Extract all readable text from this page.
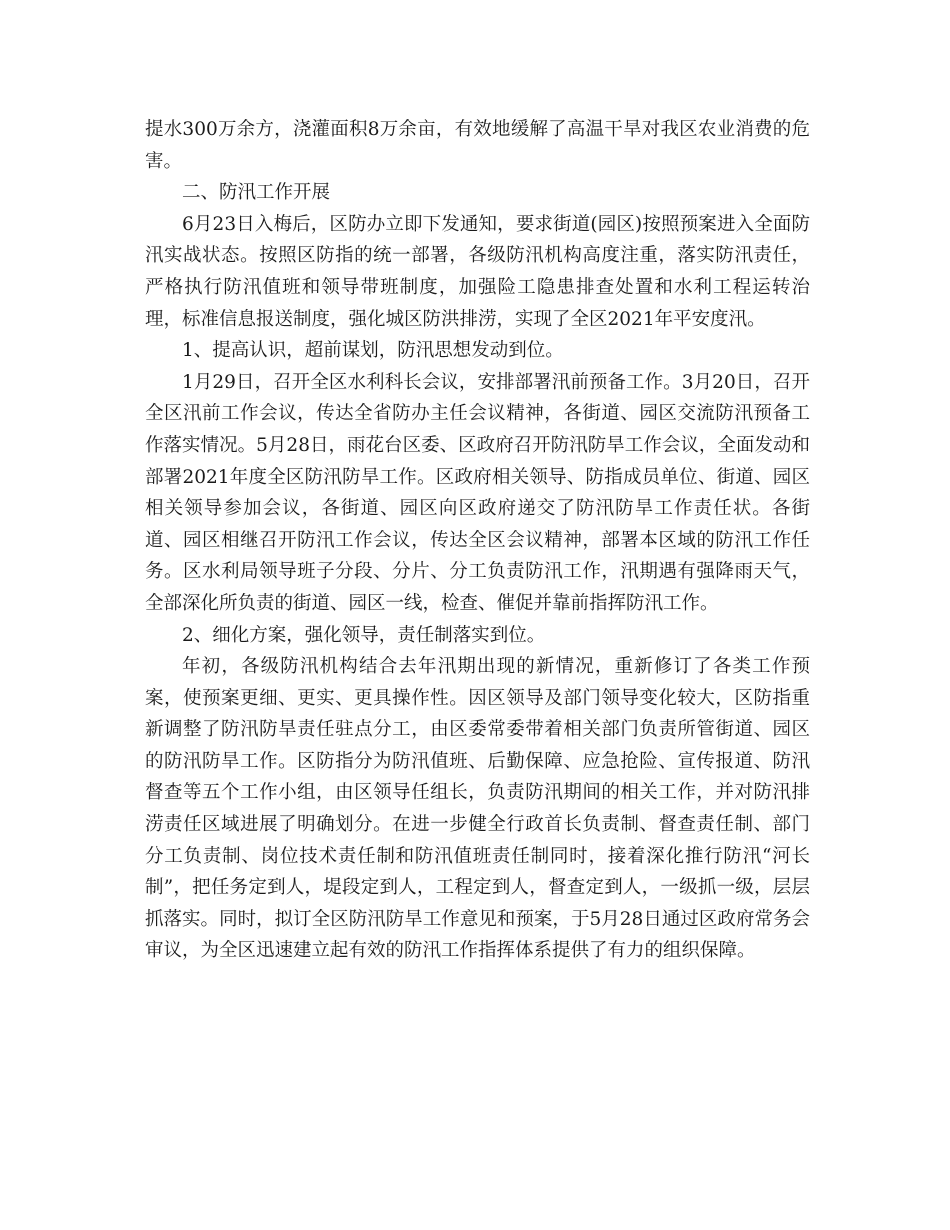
提水300万余方，浇灌面积8万余亩，有效地缓解了高温干旱对我区农业消费的危害。

二、防汛工作开展

6月23日入梅后，区防办立即下发通知，要求街道(园区)按照预案进入全面防汛实战状态。按照区防指的统一部署，各级防汛机构高度注重，落实防汛责任，严格执行防汛值班和领导带班制度，加强险工隐患排查处置和水利工程运转治理，标准信息报送制度，强化城区防洪排涝，实现了全区2021年平安度汛。

1、提高认识，超前谋划，防汛思想发动到位。

1月29日，召开全区水利科长会议，安排部署汛前预备工作。3月20日，召开全区汛前工作会议，传达全省防办主任会议精神，各街道、园区交流防汛预备工作落实情况。5月28日，雨花台区委、区政府召开防汛防旱工作会议，全面发动和部署2021年度全区防汛防旱工作。区政府相关领导、防指成员单位、街道、园区相关领导参加会议，各街道、园区向区政府递交了防汛防旱工作责任状。各街道、园区相继召开防汛工作会议，传达全区会议精神，部署本区域的防汛工作任务。区水利局领导班子分段、分片、分工负责防汛工作，汛期遇有强降雨天气，全部深化所负责的街道、园区一线，检查、催促并靠前指挥防汛工作。

2、细化方案，强化领导，责任制落实到位。

年初，各级防汛机构结合去年汛期出现的新情况，重新修订了各类工作预案，使预案更细、更实、更具操作性。因区领导及部门领导变化较大，区防指重新调整了防汛防旱责任驻点分工，由区委常委带着相关部门负责所管街道、园区的防汛防旱工作。区防指分为防汛值班、后勤保障、应急抢险、宣传报道、防汛督查等五个工作小组，由区领导任组长，负责防汛期间的相关工作，并对防汛排涝责任区域进展了明确划分。在进一步健全行政首长负责制、督查责任制、部门分工负责制、岗位技术责任制和防汛值班责任制同时，接着深化推行防汛“河长制”，把任务定到人，堤段定到人，工程定到人，督查定到人，一级抓一级，层层抓落实。同时，拟订全区防汛防旱工作意见和预案，于5月28日通过区政府常务会审议，为全区迅速建立起有效的防汛工作指挥体系提供了有力的组织保障。
